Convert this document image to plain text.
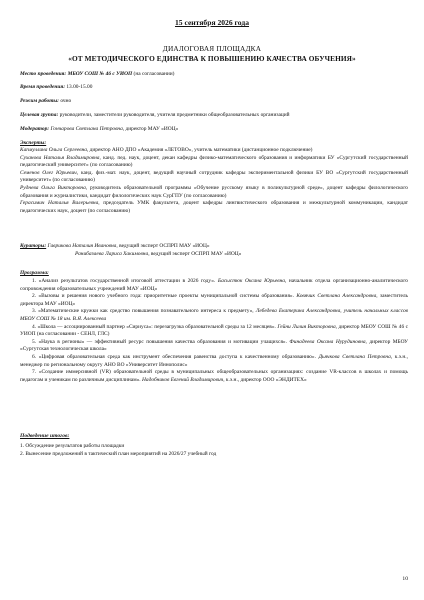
15 сентября 2026 года
ДИАЛОГОВАЯ ПЛОЩАДКА
«ОТ МЕТОДИЧЕСКОГО ЕДИНСТВА К ПОВЫШЕНИЮ КАЧЕСТВА ОБУЧЕНИЯ»
Место проведения: МБОУ СОШ № 46 с УИОП (на согласовании)
Время проведения: 13.00-15.00
Режим работы: очно
Целевая группа: руководители, заместители руководителя, учителя предметники общеобразовательных организаций
Модератор: Гончарова Светлана Петровна, директор МАУ «ИОЦ»
Эксперты:
Капмуллина Ольга Сергеевна, директор АНО ДПО «Академия «ЛЕТОВО», учитель математики (дистанционное подключение)
Суханова Наталья Владимировна, канд. пед. наук, доцент, декан кафедры физико-математического образования и информатики БУ «Сургутский государственный педагогический университет» (по согласованию)
Семенов Олег Юрьевич, канд. физ.-мат. наук, доцент, ведущий научный сотрудник кафедры экспериментальной физики БУ ВО «Сургутский государственный университет» (по согласованию)
Руднева Ольга Викторовна, руководитель образовательной программы «Обучение русскому языку в поликультурной среде», доцент кафедры филологического образования и журналистики, кандидат филологических наук СурГПУ (по согласованию)
Герасимич Наталья Валерьевна, председатель УМК факультета, доцент кафедры лингвистического образования и межкультурной коммуникации, кандидат педагогических наук, доцент (по согласованию)
Кураторы: Гаврикова Наталия Ивановна, ведущий эксперт ОСПРП МАУ «ИОЦ»
Ранибазаева Лариса Хакимовна, ведущий эксперт ОСПРП МАУ «ИОЦ»
Программа:
1. «Анализ результатов государственной итоговой аттестации в 2026 году». Басыстюк Оксана Юрьевна, начальник отдела организационно-аналитического сопровождения образовательных учреждений МАУ «ИОЦ»
2. «Вызовы и решения нового учебного года: приоритетные проекты муниципальной системы образования». Ковячик Светлана Александровна, заместитель директора МАУ «ИОЦ»
3. «Математические кружки как средство повышения познавательного интереса к предмету», Лебедева Екатерина Александровна, учитель начальных классов МБОУ СОШ № 18 им. В.Я. Алексеева
4. «Школа — ассоциированный партнер «Сириуса»: перезагрузка образовательной среды за 12 месяцев». Гейни Лилия Викторовна, директор МБОУ СОШ № 46 с УИОП (на согласовании - СЕНЛ, ГЛС)
5. «Наука в регионы» — эффективный ресурс повышения качества образования и мотивации учащихся». Финадеева Оксана Нурудиновна, директор МБОУ «Сургутская технологическая школа»
6. «Цифровая образовательная среда как инструмент обеспечения равенства доступа к качественному образованию». Дьячкова Светлана Петровна, к.э.н., менеджер по региональному округу АНО ВО «Университет Иннополис»
7. «Создание иммерсивной (VR) образовательной среды в муниципальных общеобразовательных организациях: создание VR-классов в школах и помощь педагогам и ученикам по различным дисциплинам». Надобников Евгений Владимирович, к.э.н., директор ООО «ЭНДИТЕХ»
Подведение итогов:
1. Обсуждение результатов работы площадки
2. Вынесение предложений в тактический план мероприятий на 2026/27 учебный год
10
